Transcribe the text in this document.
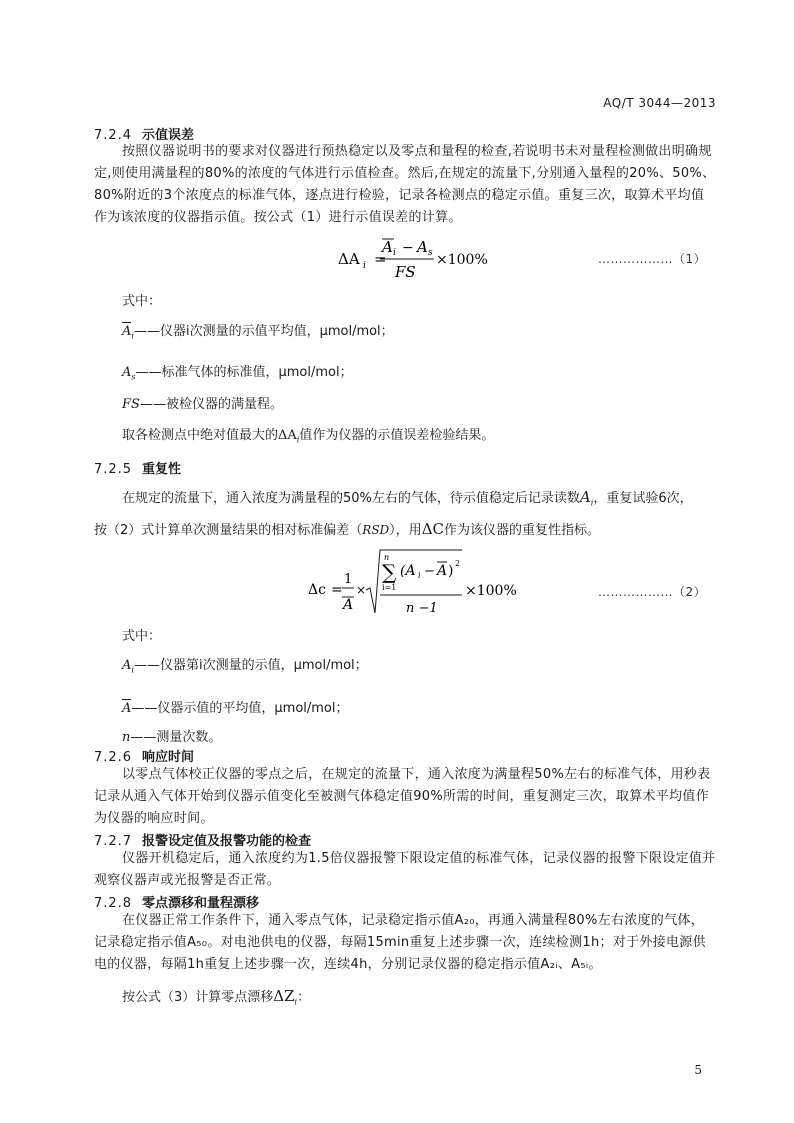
AQ/T 3044—2013
7.2.4 示值误差
按照仪器说明书的要求对仪器进行预热稳定以及零点和量程的检查,若说明书未对量程检测做出明确规定,则使用满量程的80%的浓度的气体进行示值检查。然后,在规定的流量下,分别通入量程的20%、50%、80%附近的3个浓度点的标准气体，逐点进行检验，记录各检测点的稳定示值。重复三次，取算术平均值作为该浓度的仪器指示值。按公式（1）进行示值误差的计算。
ΔA i =
A i − A s
FS
×100%	………………（1）
式中：
$A_i——$仪器i次测量的示值平均值，μmol/mol；
$A_s——$标准气体的标准值，μmol/mol；
FS——被检仪器的满量程。
取各检测点中绝对值最大的$\Delta A_i$值作为仪器的示值误差检验结果。
7.2.5 重复性
在规定的流量下，通入浓度为满量程的50%左右的气体，待示值稳定后记录读数$A_i$，重复试验6次，
按（2）式计算单次测量结果的相对标准偏差（RSD），用ΔC作为该仪器的重复性指标。
Δc =
1
A
×
n
∑
i=1
(A i − A ) 2
n −1
×100%	………………（2）
式中：
$A_i——$仪器第i次测量的示值，μmol/mol；
A——仪器示值的平均值，μmol/mol；
n——测量次数。
7.2.6 响应时间
以零点气体校正仪器的零点之后，在规定的流量下，通入浓度为满量程50%左右的标准气体，用秒表记录从通入气体开始到仪器示值变化至被测气体稳定值90%所需的时间，重复测定三次，取算术平均值作为仪器的响应时间。
7.2.7 报警设定值及报警功能的检查
仪器开机稳定后，通入浓度约为1.5倍仪器报警下限设定值的标准气体，记录仪器的报警下限设定值并观察仪器声或光报警是否正常。
7.2.8 零点漂移和量程漂移
在仪器正常工作条件下，通入零点气体，记录稳定指示值A₂₀，再通入满量程80%左右浓度的气体，记录稳定指示值A₅₀。对电池供电的仪器，每隔15min重复上述步骤一次，连续检测1h；对于外接电源供电的仪器，每隔1h重复上述步骤一次，连续4h，分别记录仪器的稳定指示值A₂ᵢ、A₅ᵢ。
按公式（3）计算零点漂移$\Delta Z_i$：
5
